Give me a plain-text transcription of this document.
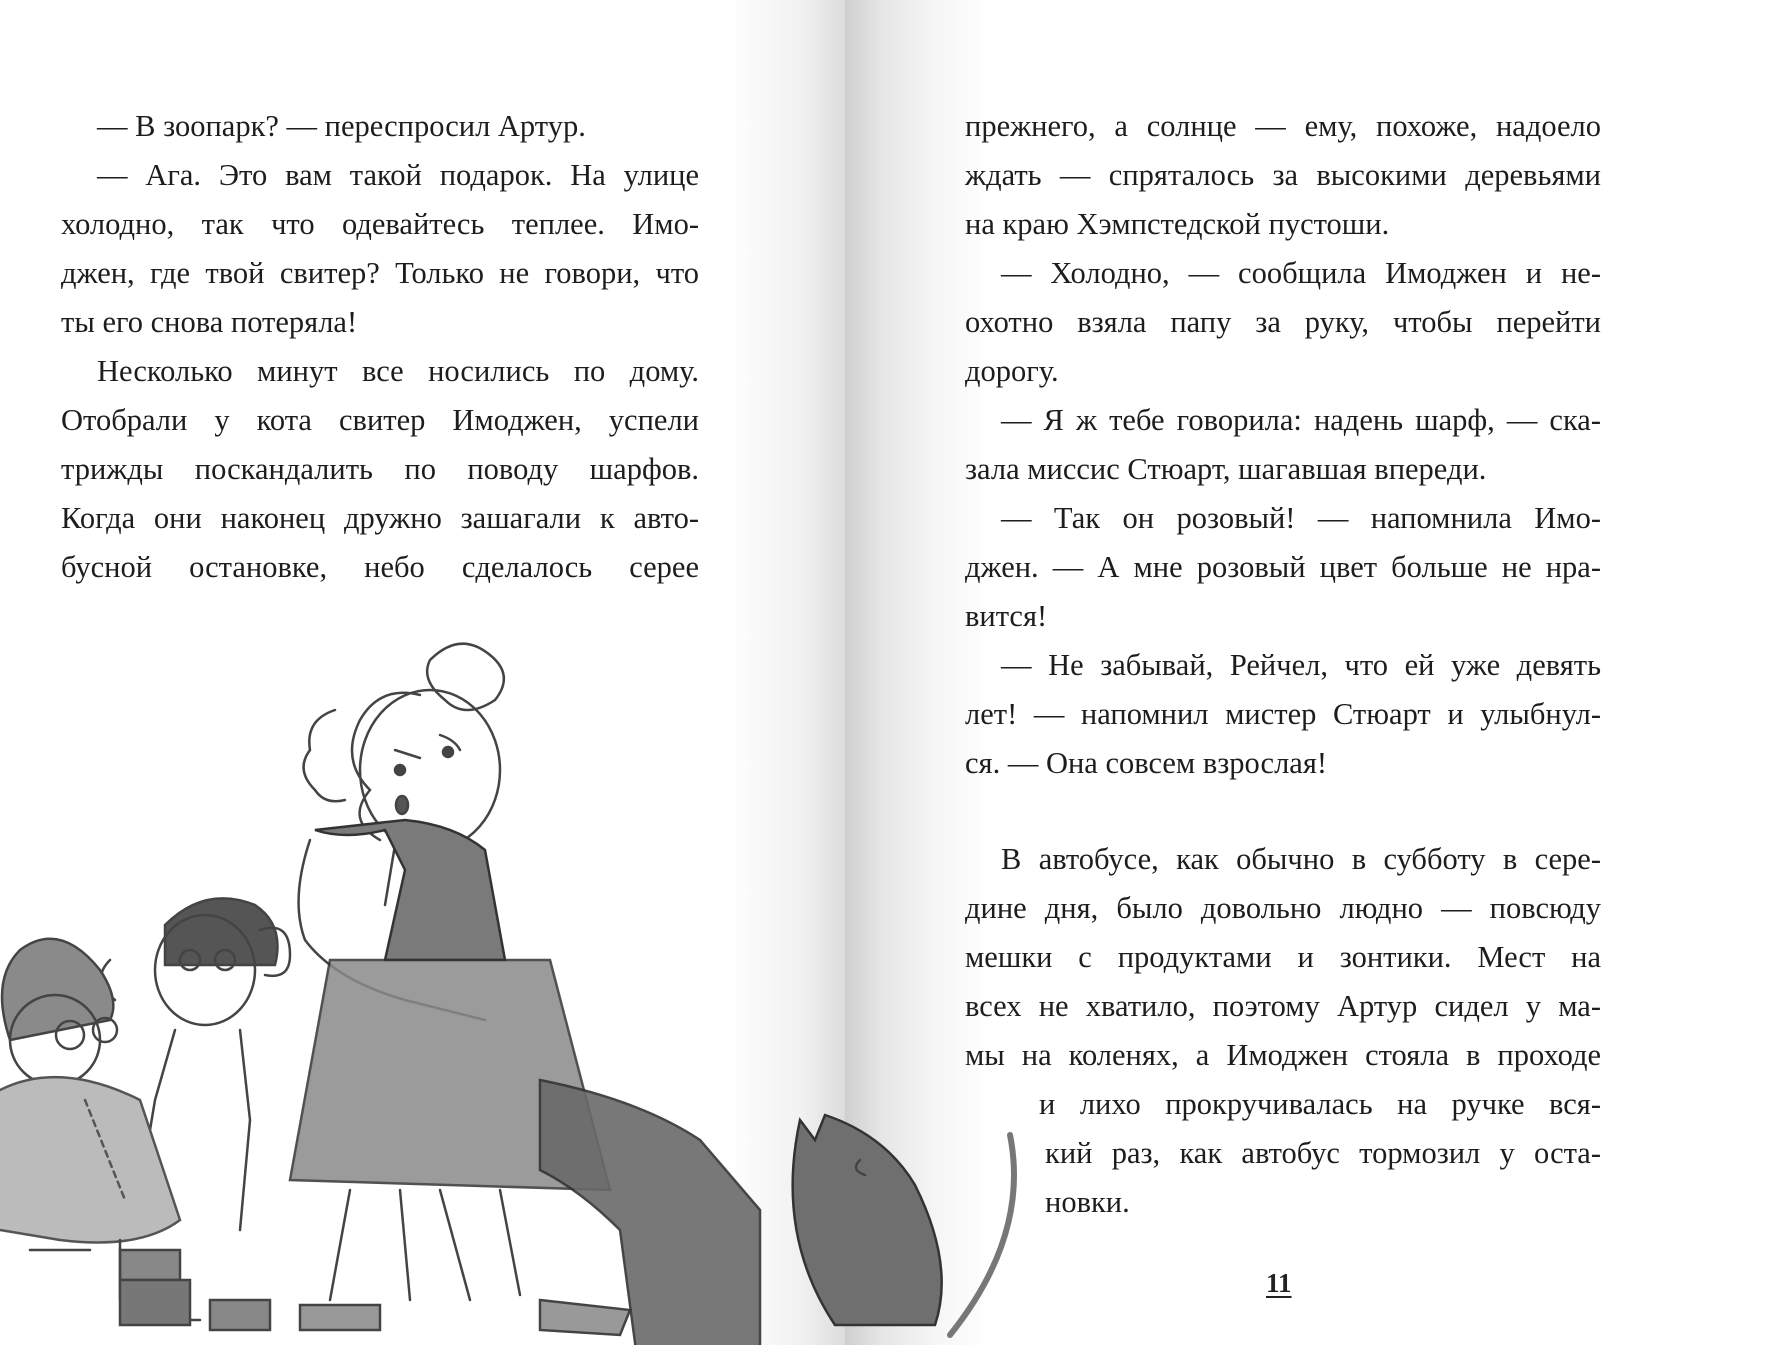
— В зоопарк? — переспросил Артур.
— Ага. Это вам такой подарок. На улице
холодно, так что одевайтесь теплее. Имо-
джен, где твой свитер? Только не говори, что
ты его снова потеряла!
Несколько минут все носились по дому.
Отобрали у кота свитер Имоджен, успели
трижды поскандалить по поводу шарфов.
Когда они наконец дружно зашагали к авто-
бусной остановке, небо сделалось серее
прежнего, а солнце — ему, похоже, надоело
ждать — спряталось за высокими деревьями
на краю Хэмпстедской пустоши.
— Холодно, — сообщила Имоджен и не-
охотно взяла папу за руку, чтобы перейти
дорогу.
— Я ж тебе говорила: надень шарф, — ска-
зала миссис Стюарт, шагавшая впереди.
— Так он розовый! — напомнила Имо-
джен. — А мне розовый цвет больше не нра-
вится!
— Не забывай, Рейчел, что ей уже девять
лет! — напомнил мистер Стюарт и улыбнул-
ся. — Она совсем взрослая!
В автобусе, как обычно в субботу в сере-
дине дня, было довольно людно — повсюду
мешки с продуктами и зонтики. Мест на
всех не хватило, поэтому Артур сидел у ма-
мы на коленях, а Имоджен стояла в проходе
и лихо прокручивалась на ручке вся-
кий раз, как автобус тормозил у оста-
новки.
11
